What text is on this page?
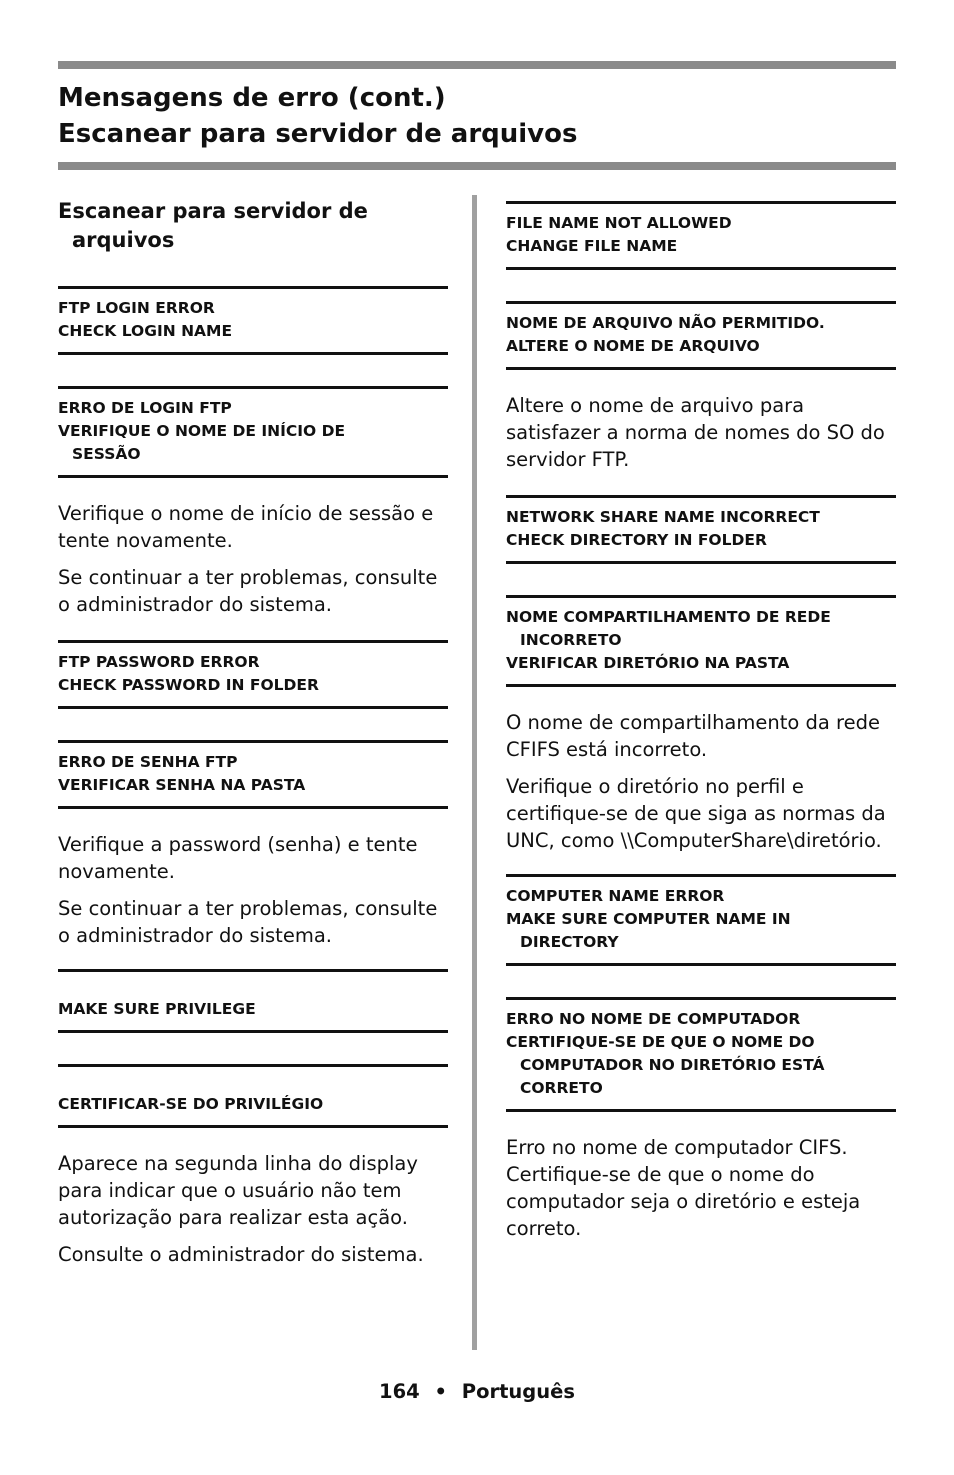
Mensagens de erro (cont.)
Escanear para servidor de arquivos
Escanear para servidor de
arquivos
FTP LOGIN ERROR
CHECK LOGIN NAME
ERRO DE LOGIN FTP
VERIFIQUE O NOME DE INÍCIO DE
SESSÃO

Verifique o nome de início de sessão e tente novamente.

Se continuar a ter problemas, consulte o administrador do sistema.

FTP PASSWORD ERROR
CHECK PASSWORD IN FOLDER
ERRO DE SENHA FTP
VERIFICAR SENHA NA PASTA

Verifique a password (senha) e tente novamente.

Se continuar a ter problemas, consulte o administrador do sistema.

MAKE SURE PRIVILEGE
CERTIFICAR-SE DO PRIVILÉGIO

Aparece na segunda linha do display para indicar que o usuário não tem autorização para realizar esta ação.

Consulte o administrador do sistema.

FILE NAME NOT ALLOWED
CHANGE FILE NAME
NOME DE ARQUIVO NÃO PERMITIDO.
ALTERE O NOME DE ARQUIVO

Altere o nome de arquivo para satisfazer a norma de nomes do SO do servidor FTP.

NETWORK SHARE NAME INCORRECT
CHECK DIRECTORY IN FOLDER
NOME COMPARTILHAMENTO DE REDE
INCORRETO
VERIFICAR DIRETÓRIO NA PASTA

O nome de compartilhamento da rede CFIFS está incorreto.

Verifique o diretório no perfil e certifique-se de que siga as normas da UNC, como \\ComputerShare\diretório.

COMPUTER NAME ERROR
MAKE SURE COMPUTER NAME IN
DIRECTORY
ERRO NO NOME DE COMPUTADOR
CERTIFIQUE-SE DE QUE O NOME DO
COMPUTADOR NO DIRETÓRIO ESTÁ
CORRETO

Erro no nome de computador CIFS. Certifique-se de que o nome do computador seja o diretório e esteja correto.

164 • Português
